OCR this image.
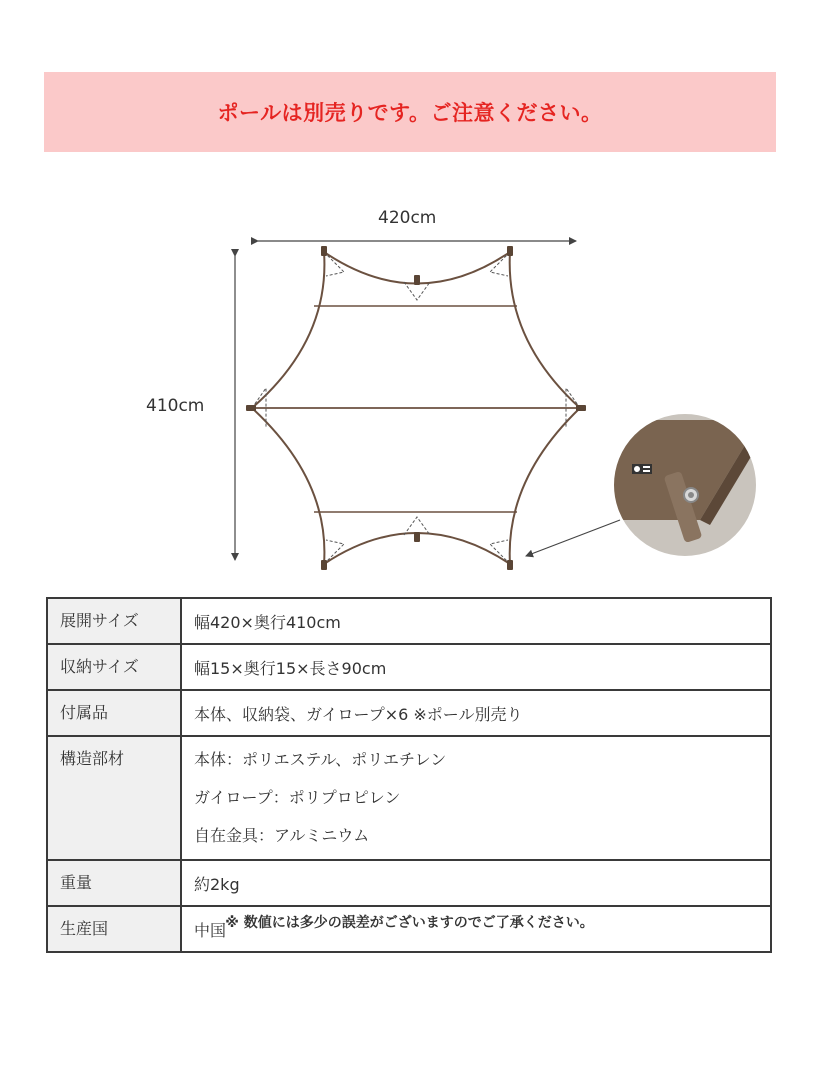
ポールは別売りです。ご注意ください。
420cm
410cm
展開サイズ	幅420×奥行410cm
収納サイズ	幅15×奥行15×長さ90cm
付属品	本体、収納袋、ガイロープ×6 ※ポール別売り
構造部材	本体：ポリエステル、ポリエチレン
ガイロープ：ポリプロピレン
自在金具：アルミニウム

重量	約2kg
生産国	中国 ※ 数値には多少の誤差がございますのでご了承ください。
